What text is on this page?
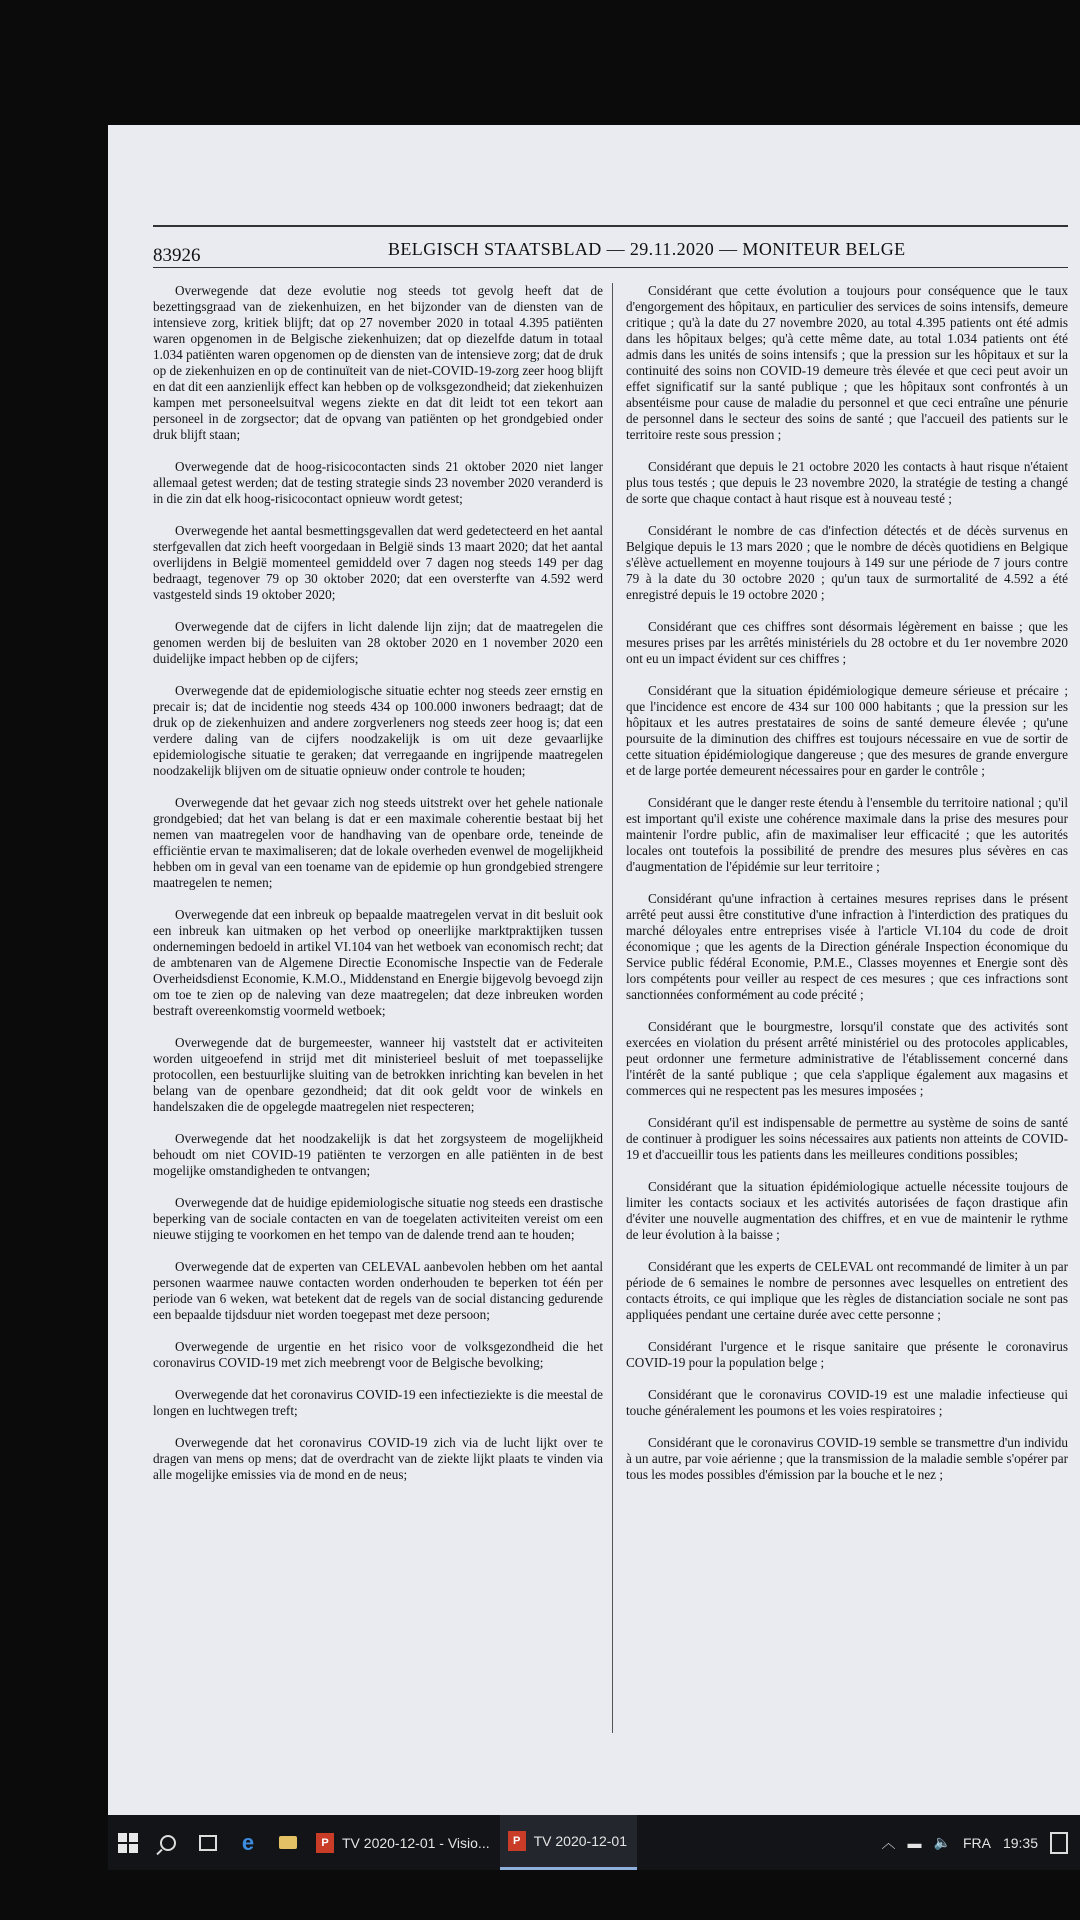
83926	BELGISCH STAATSBLAD — 29.11.2020 — MONITEUR BELGE

Overwegende dat deze evolutie nog steeds tot gevolg heeft dat de bezettingsgraad van de ziekenhuizen, en het bijzonder van de diensten van de intensieve zorg, kritiek blijft; dat op 27 november 2020 in totaal 4.395 patiënten waren opgenomen in de Belgische ziekenhuizen; dat op diezelfde datum in totaal 1.034 patiënten waren opgenomen op de diensten van de intensieve zorg; dat de druk op de ziekenhuizen en op de continuïteit van de niet-COVID-19-zorg zeer hoog blijft en dat dit een aanzienlijk effect kan hebben op de volksgezondheid; dat ziekenhuizen kampen met personeelsuitval wegens ziekte en dat dit leidt tot een tekort aan personeel in de zorgsector; dat de opvang van patiënten op het grondgebied onder druk blijft staan;

Overwegende dat de hoog-risicocontacten sinds 21 oktober 2020 niet langer allemaal getest werden; dat de testing strategie sinds 23 november 2020 veranderd is in die zin dat elk hoog-risicocontact opnieuw wordt getest;

Overwegende het aantal besmettingsgevallen dat werd gedetecteerd en het aantal sterfgevallen dat zich heeft voorgedaan in België sinds 13 maart 2020; dat het aantal overlijdens in België momenteel gemiddeld over 7 dagen nog steeds 149 per dag bedraagt, tegenover 79 op 30 oktober 2020; dat een oversterfte van 4.592 werd vastgesteld sinds 19 oktober 2020;

Overwegende dat de cijfers in licht dalende lijn zijn; dat de maatregelen die genomen werden bij de besluiten van 28 oktober 2020 en 1 november 2020 een duidelijke impact hebben op de cijfers;

Overwegende dat de epidemiologische situatie echter nog steeds zeer ernstig en precair is; dat de incidentie nog steeds 434 op 100.000 inwoners bedraagt; dat de druk op de ziekenhuizen and andere zorgverleners nog steeds zeer hoog is; dat een verdere daling van de cijfers noodzakelijk is om uit deze gevaarlijke epidemiologische situatie te geraken; dat verregaande en ingrijpende maatregelen noodzakelijk blijven om de situatie opnieuw onder controle te houden;

Overwegende dat het gevaar zich nog steeds uitstrekt over het gehele nationale grondgebied; dat het van belang is dat er een maximale coherentie bestaat bij het nemen van maatregelen voor de handhaving van de openbare orde, teneinde de efficiëntie ervan te maximaliseren; dat de lokale overheden evenwel de mogelijkheid hebben om in geval van een toename van de epidemie op hun grondgebied strengere maatregelen te nemen;

Overwegende dat een inbreuk op bepaalde maatregelen vervat in dit besluit ook een inbreuk kan uitmaken op het verbod op oneerlijke marktpraktijken tussen ondernemingen bedoeld in artikel VI.104 van het wetboek van economisch recht; dat de ambtenaren van de Algemene Directie Economische Inspectie van de Federale Overheidsdienst Economie, K.M.O., Middenstand en Energie bijgevolg bevoegd zijn om toe te zien op de naleving van deze maatregelen; dat deze inbreuken worden bestraft overeenkomstig voormeld wetboek;

Overwegende dat de burgemeester, wanneer hij vaststelt dat er activiteiten worden uitgeoefend in strijd met dit ministerieel besluit of met toepasselijke protocollen, een bestuurlijke sluiting van de betrokken inrichting kan bevelen in het belang van de openbare gezondheid; dat dit ook geldt voor de winkels en handelszaken die de opgelegde maatregelen niet respecteren;

Overwegende dat het noodzakelijk is dat het zorgsysteem de mogelijkheid behoudt om niet COVID-19 patiënten te verzorgen en alle patiënten in de best mogelijke omstandigheden te ontvangen;

Overwegende dat de huidige epidemiologische situatie nog steeds een drastische beperking van de sociale contacten en van de toegelaten activiteiten vereist om een nieuwe stijging te voorkomen en het tempo van de dalende trend aan te houden;

Overwegende dat de experten van CELEVAL aanbevolen hebben om het aantal personen waarmee nauwe contacten worden onderhouden te beperken tot één per periode van 6 weken, wat betekent dat de regels van de social distancing gedurende een bepaalde tijdsduur niet worden toegepast met deze persoon;

Overwegende de urgentie en het risico voor de volksgezondheid die het coronavirus COVID-19 met zich meebrengt voor de Belgische bevolking;

Overwegende dat het coronavirus COVID-19 een infectieziekte is die meestal de longen en luchtwegen treft;

Overwegende dat het coronavirus COVID-19 zich via de lucht lijkt over te dragen van mens op mens; dat de overdracht van de ziekte lijkt plaats te vinden via alle mogelijke emissies via de mond en de neus;

Considérant que cette évolution a toujours pour conséquence que le taux d'engorgement des hôpitaux, en particulier des services de soins intensifs, demeure critique ; qu'à la date du 27 novembre 2020, au total 4.395 patients ont été admis dans les hôpitaux belges; qu'à cette même date, au total 1.034 patients ont été admis dans les unités de soins intensifs ; que la pression sur les hôpitaux et sur la continuité des soins non COVID-19 demeure très élevée et que ceci peut avoir un effet significatif sur la santé publique ; que les hôpitaux sont confrontés à un absentéisme pour cause de maladie du personnel et que ceci entraîne une pénurie de personnel dans le secteur des soins de santé ; que l'accueil des patients sur le territoire reste sous pression ;

Considérant que depuis le 21 octobre 2020 les contacts à haut risque n'étaient plus tous testés ; que depuis le 23 novembre 2020, la stratégie de testing a changé de sorte que chaque contact à haut risque est à nouveau testé ;

Considérant le nombre de cas d'infection détectés et de décès survenus en Belgique depuis le 13 mars 2020 ; que le nombre de décès quotidiens en Belgique s'élève actuellement en moyenne toujours à 149 sur une période de 7 jours contre 79 à la date du 30 octobre 2020 ; qu'un taux de surmortalité de 4.592 a été enregistré depuis le 19 octobre 2020 ;

Considérant que ces chiffres sont désormais légèrement en baisse ; que les mesures prises par les arrêtés ministériels du 28 octobre et du 1er novembre 2020 ont eu un impact évident sur ces chiffres ;

Considérant que la situation épidémiologique demeure sérieuse et précaire ; que l'incidence est encore de 434 sur 100 000 habitants ; que la pression sur les hôpitaux et les autres prestataires de soins de santé demeure élevée ; qu'une poursuite de la diminution des chiffres est toujours nécessaire en vue de sortir de cette situation épidémiologique dangereuse ; que des mesures de grande envergure et de large portée demeurent nécessaires pour en garder le contrôle ;

Considérant que le danger reste étendu à l'ensemble du territoire national ; qu'il est important qu'il existe une cohérence maximale dans la prise des mesures pour maintenir l'ordre public, afin de maximaliser leur efficacité ; que les autorités locales ont toutefois la possibilité de prendre des mesures plus sévères en cas d'augmentation de l'épidémie sur leur territoire ;

Considérant qu'une infraction à certaines mesures reprises dans le présent arrêté peut aussi être constitutive d'une infraction à l'interdiction des pratiques du marché déloyales entre entreprises visée à l'article VI.104 du code de droit économique ; que les agents de la Direction générale Inspection économique du Service public fédéral Economie, P.M.E., Classes moyennes et Energie sont dès lors compétents pour veiller au respect de ces mesures ; que ces infractions sont sanctionnées conformément au code précité ;

Considérant que le bourgmestre, lorsqu'il constate que des activités sont exercées en violation du présent arrêté ministériel ou des protocoles applicables, peut ordonner une fermeture administrative de l'établissement concerné dans l'intérêt de la santé publique ; que cela s'applique également aux magasins et commerces qui ne respectent pas les mesures imposées ;

Considérant qu'il est indispensable de permettre au système de soins de santé de continuer à prodiguer les soins nécessaires aux patients non atteints de COVID-19 et d'accueillir tous les patients dans les meilleures conditions possibles;

Considérant que la situation épidémiologique actuelle nécessite toujours de limiter les contacts sociaux et les activités autorisées de façon drastique afin d'éviter une nouvelle augmentation des chiffres, et en vue de maintenir le rythme de leur évolution à la baisse ;

Considérant que les experts de CELEVAL ont recommandé de limiter à un par période de 6 semaines le nombre de personnes avec lesquelles on entretient des contacts étroits, ce qui implique que les règles de distanciation sociale ne sont pas appliquées pendant une certaine durée avec cette personne ;

Considérant l'urgence et le risque sanitaire que présente le coronavirus COVID-19 pour la population belge ;

Considérant que le coronavirus COVID-19 est une maladie infectieuse qui touche généralement les poumons et les voies respiratoires ;

Considérant que le coronavirus COVID-19 semble se transmettre d'un individu à un autre, par voie aérienne ; que la transmission de la maladie semble s'opérer par tous les modes possibles d'émission par la bouche et le nez ;

e	P TV 2020-12-01 - Visio...	P TV 2020-12-01	︿ ▬ 🔈 FRA 19:35
